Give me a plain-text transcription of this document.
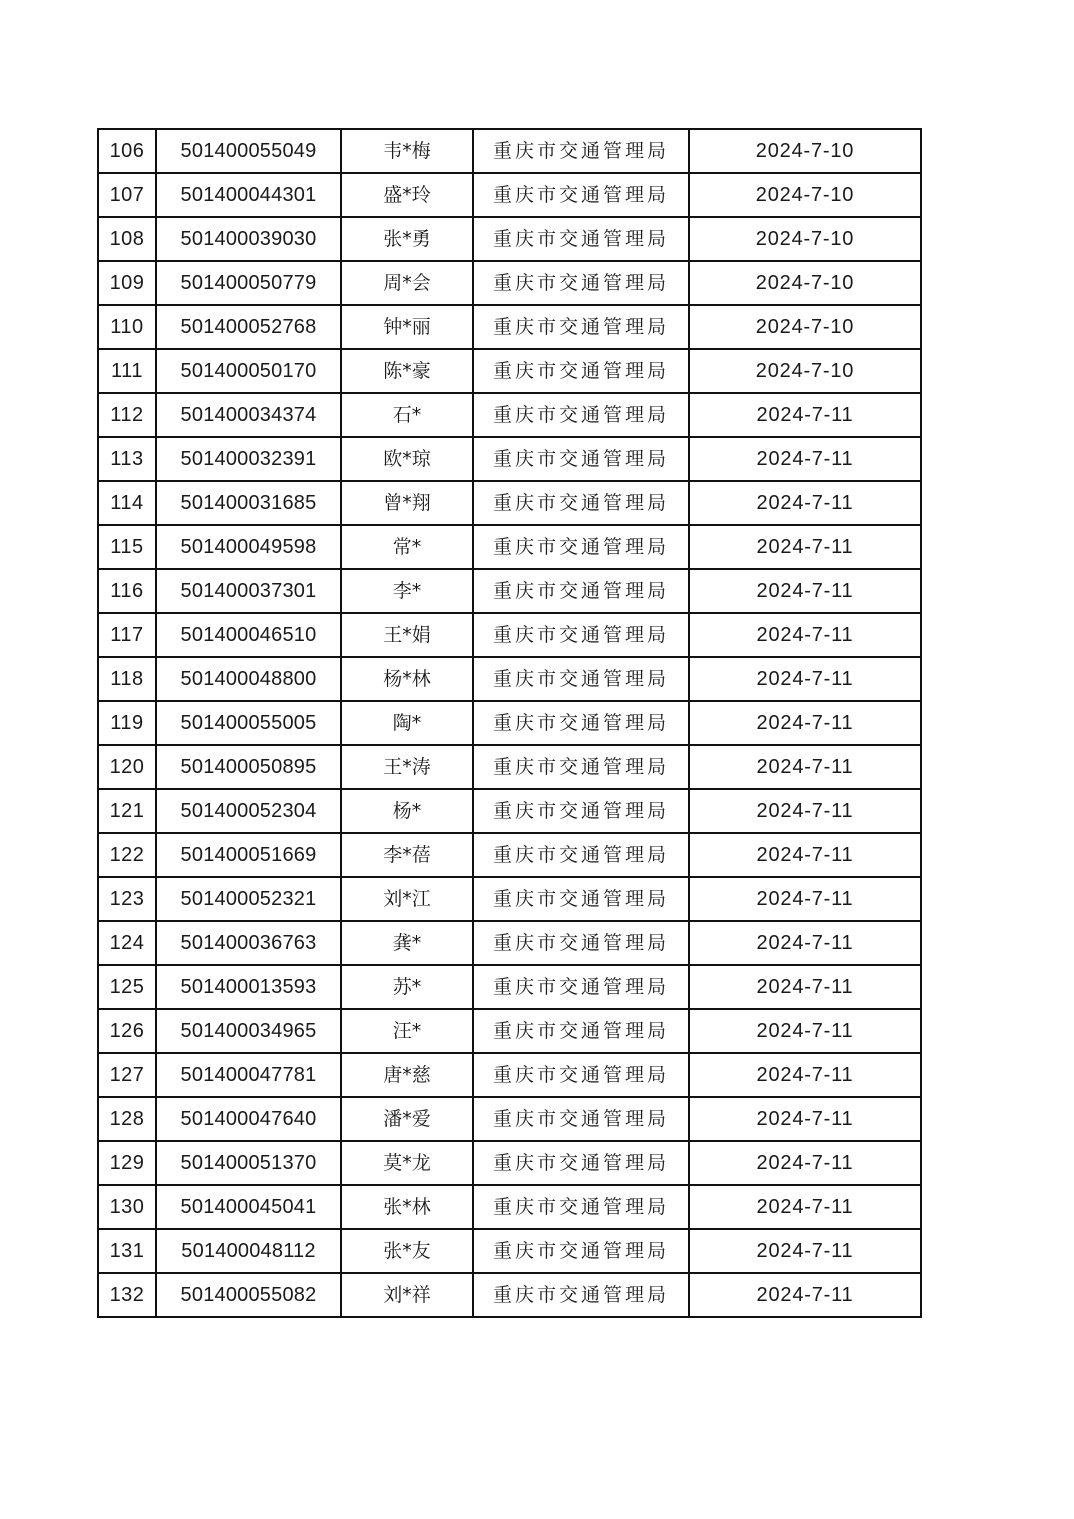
106	501400055049	韦*梅	重庆市交通管理局	2024-7-10
107	501400044301	盛*玲	重庆市交通管理局	2024-7-10
108	501400039030	张*勇	重庆市交通管理局	2024-7-10
109	501400050779	周*会	重庆市交通管理局	2024-7-10
110	501400052768	钟*丽	重庆市交通管理局	2024-7-10
111	501400050170	陈*豪	重庆市交通管理局	2024-7-10
112	501400034374	石*	重庆市交通管理局	2024-7-11
113	501400032391	欧*琼	重庆市交通管理局	2024-7-11
114	501400031685	曾*翔	重庆市交通管理局	2024-7-11
115	501400049598	常*	重庆市交通管理局	2024-7-11
116	501400037301	李*	重庆市交通管理局	2024-7-11
117	501400046510	王*娟	重庆市交通管理局	2024-7-11
118	501400048800	杨*林	重庆市交通管理局	2024-7-11
119	501400055005	陶*	重庆市交通管理局	2024-7-11
120	501400050895	王*涛	重庆市交通管理局	2024-7-11
121	501400052304	杨*	重庆市交通管理局	2024-7-11
122	501400051669	李*蓓	重庆市交通管理局	2024-7-11
123	501400052321	刘*江	重庆市交通管理局	2024-7-11
124	501400036763	龚*	重庆市交通管理局	2024-7-11
125	501400013593	苏*	重庆市交通管理局	2024-7-11
126	501400034965	汪*	重庆市交通管理局	2024-7-11
127	501400047781	唐*慈	重庆市交通管理局	2024-7-11
128	501400047640	潘*爱	重庆市交通管理局	2024-7-11
129	501400051370	莫*龙	重庆市交通管理局	2024-7-11
130	501400045041	张*林	重庆市交通管理局	2024-7-11
131	501400048112	张*友	重庆市交通管理局	2024-7-11
132	501400055082	刘*祥	重庆市交通管理局	2024-7-11
